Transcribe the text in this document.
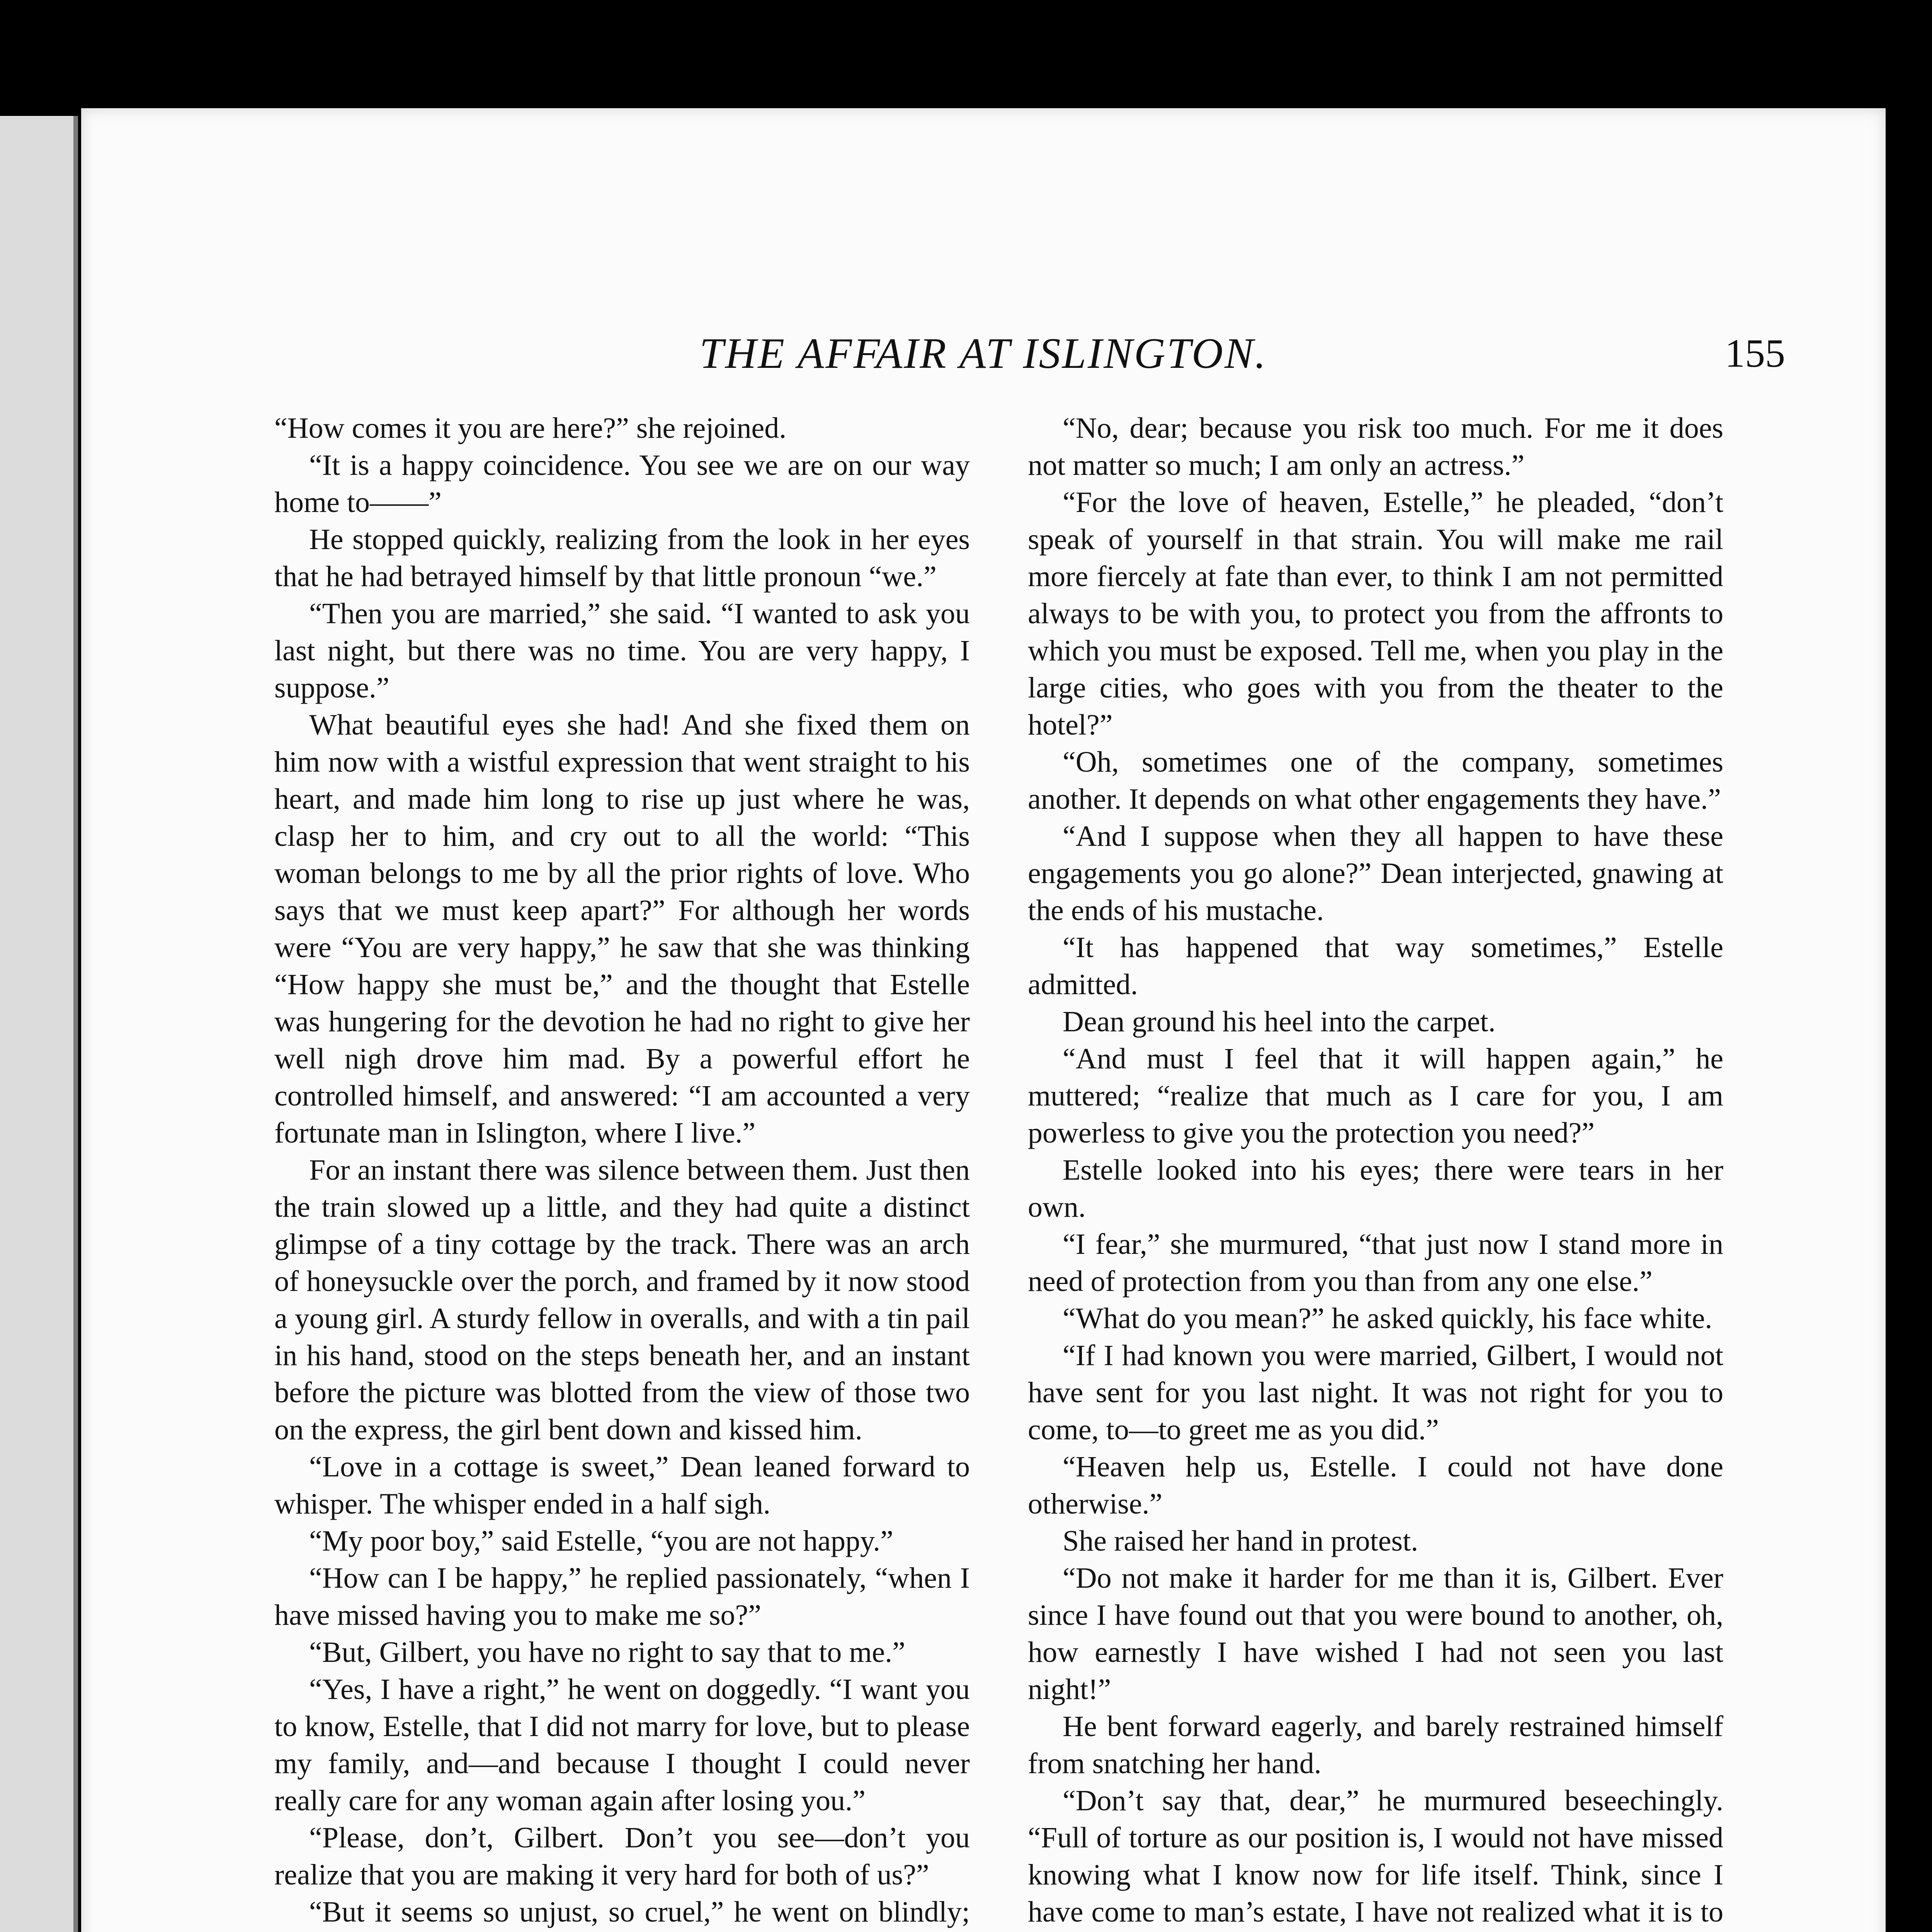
THE AFFAIR AT ISLINGTON.	155

“How comes it you are here?” she rejoined.

“It is a happy coincidence. You see we are on our way home to——”

He stopped quickly, realizing from the look in her eyes that he had betrayed himself by that little pronoun “we.”

“Then you are married,” she said. “I wanted to ask you last night, but there was no time. You are very happy, I suppose.”

What beautiful eyes she had! And she fixed them on him now with a wistful expression that went straight to his heart, and made him long to rise up just where he was, clasp her to him, and cry out to all the world: “This woman belongs to me by all the prior rights of love. Who says that we must keep apart?” For although her words were “You are very happy,” he saw that she was thinking “How happy she must be,” and the thought that Estelle was hungering for the devotion he had no right to give her well nigh drove him mad. By a powerful effort he controlled himself, and answered: “I am accounted a very fortunate man in Islington, where I live.”

For an instant there was silence between them. Just then the train slowed up a little, and they had quite a distinct glimpse of a tiny cottage by the track. There was an arch of honeysuckle over the porch, and framed by it now stood a young girl. A sturdy fellow in overalls, and with a tin pail in his hand, stood on the steps beneath her, and an instant before the picture was blotted from the view of those two on the express, the girl bent down and kissed him.

“Love in a cottage is sweet,” Dean leaned forward to whisper. The whisper ended in a half sigh.

“My poor boy,” said Estelle, “you are not happy.”

“How can I be happy,” he replied passionately, “when I have missed having you to make me so?”

“But, Gilbert, you have no right to say that to me.”

“Yes, I have a right,” he went on doggedly. “I want you to know, Estelle, that I did not marry for love, but to please my family, and—and because I thought I could never really care for any woman again after losing you.”

“Please, don’t, Gilbert. Don’t you see—don’t you realize that you are making it very hard for both of us?”

“But it seems so unjust, so cruel,” he went on blindly;

“No, dear; because you risk too much. For me it does not matter so much; I am only an actress.”

“For the love of heaven, Estelle,” he pleaded, “don’t speak of yourself in that strain. You will make me rail more fiercely at fate than ever, to think I am not permitted always to be with you, to protect you from the affronts to which you must be exposed. Tell me, when you play in the large cities, who goes with you from the theater to the hotel?”

“Oh, sometimes one of the company, sometimes another. It depends on what other engagements they have.”

“And I suppose when they all happen to have these engagements you go alone?” Dean interjected, gnawing at the ends of his mustache.

“It has happened that way sometimes,” Estelle admitted.

Dean ground his heel into the carpet.

“And must I feel that it will happen again,” he muttered; “realize that much as I care for you, I am powerless to give you the protection you need?”

Estelle looked into his eyes; there were tears in her own.

“I fear,” she murmured, “that just now I stand more in need of protection from you than from any one else.”

“What do you mean?” he asked quickly, his face white.

“If I had known you were married, Gilbert, I would not have sent for you last night. It was not right for you to come, to—to greet me as you did.”

“Heaven help us, Estelle. I could not have done otherwise.”

She raised her hand in protest.

“Do not make it harder for me than it is, Gilbert. Ever since I have found out that you were bound to another, oh, how earnestly I have wished I had not seen you last night!”

He bent forward eagerly, and barely restrained himself from snatching her hand.

“Don’t say that, dear,” he murmured beseechingly. “Full of torture as our position is, I would not have missed knowing what I know now for life itself. Think, since I have come to man’s estate, I have not realized what it is to
